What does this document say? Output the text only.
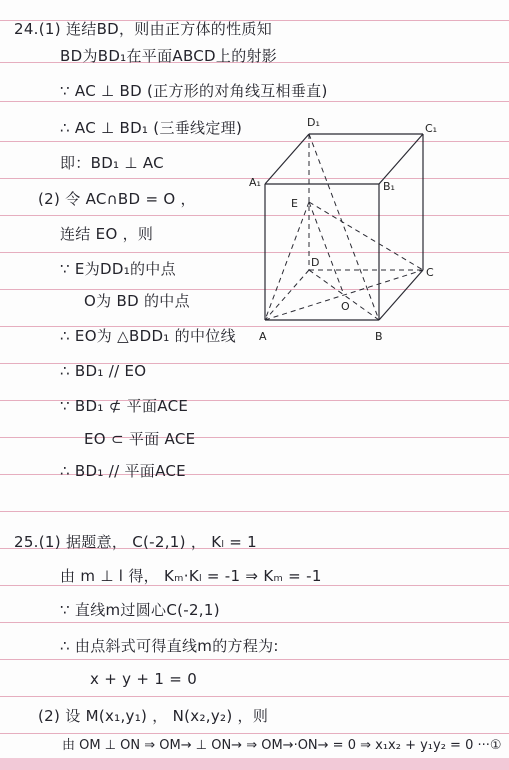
24.(1) 连结BD，则由正方体的性质知
BD为BD₁在平面ABCD上的射影
∵ AC ⊥ BD (正方形的对角线互相垂直)
∴ AC ⊥ BD₁ (三垂线定理)
即：BD₁ ⊥ AC
(2) 令 AC∩BD = O ，
连结 EO ，则
∵ E为DD₁的中点
O为 BD 的中点
∴ EO为 △BDD₁ 的中位线
∴ BD₁ // EO
∵ BD₁ ⊄ 平面ACE
EO ⊂ 平面 ACE
∴ BD₁ // 平面ACE
25.(1) 据题意， C(-2,1) ， Kₗ = 1
由 m ⊥ l 得， Kₘ·Kₗ = -1 ⇒ Kₘ = -1
∵ 直线m过圆心C(-2,1)
∴ 由点斜式可得直线m的方程为:
x + y + 1 = 0
(2) 设 M(x₁,y₁) ， N(x₂,y₂) ，则
由 OM ⊥ ON ⇒ OM→ ⊥ ON→ ⇒ OM→·ON→ = 0 ⇒ x₁x₂ + y₁y₂ = 0 ···①
D₁	C₁
A₁	B₁
E
D
C
O
A	B
